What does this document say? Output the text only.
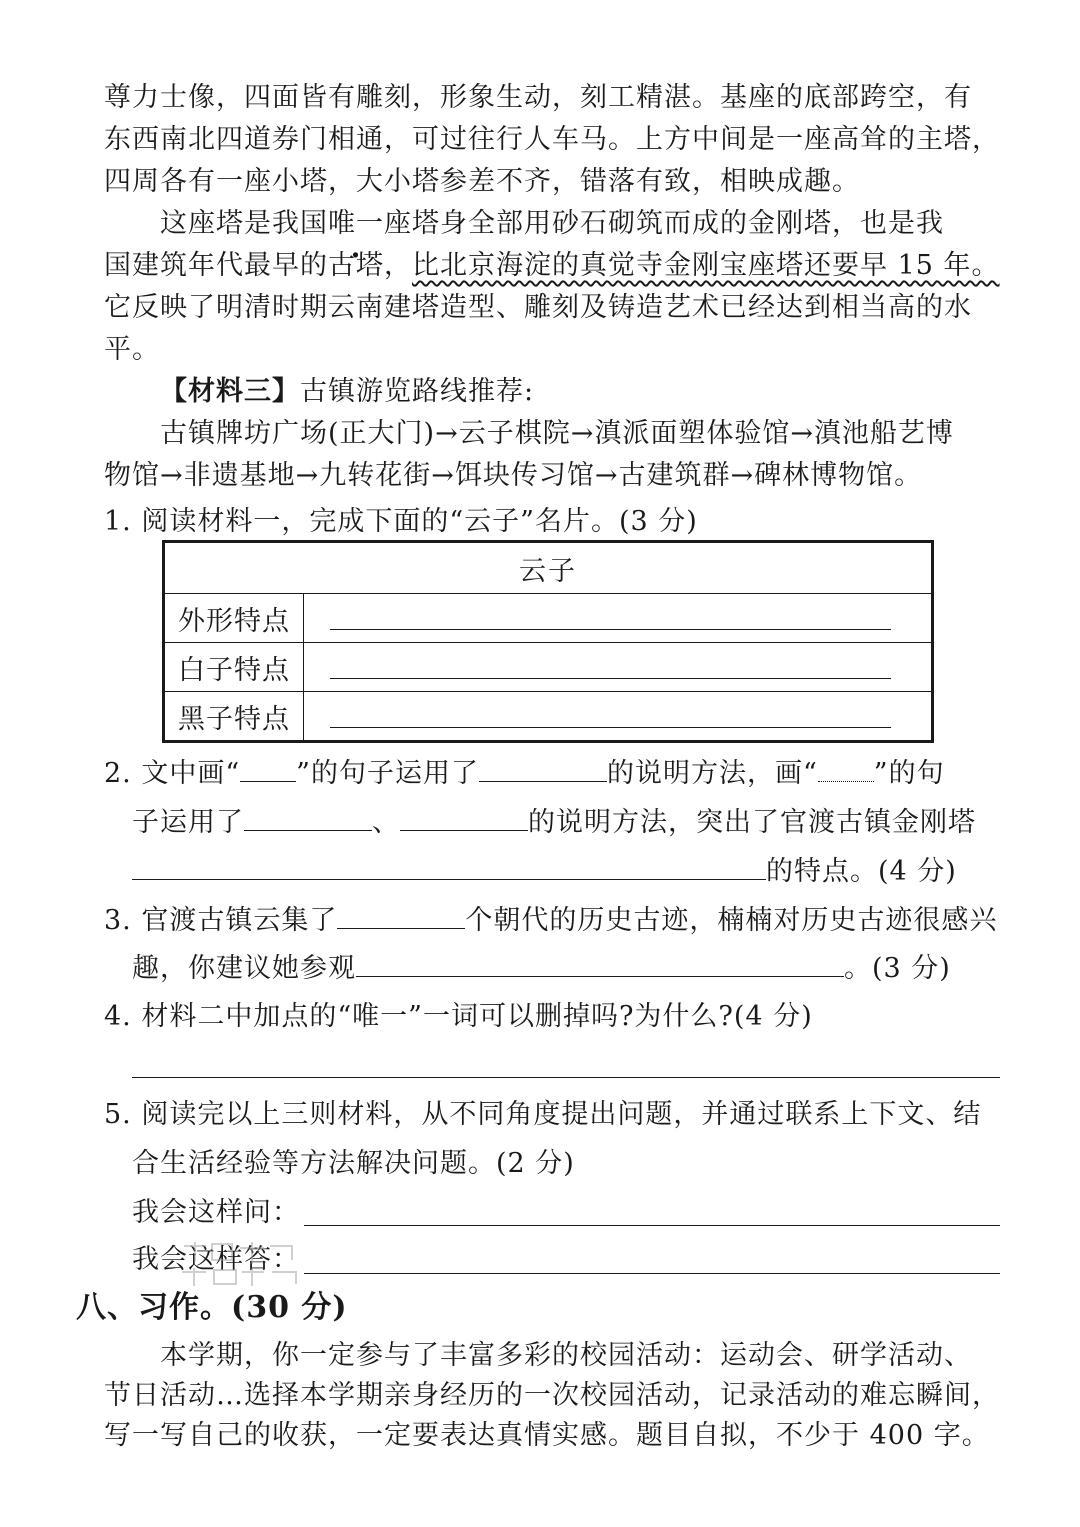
尊力士像，四面皆有雕刻，形象生动，刻工精湛。基座的底部跨空，有
东西南北四道券门相通，可过往行人车马。上方中间是一座高耸的主塔，
四周各有一座小塔，大小塔参差不齐，错落有致，相映成趣。
这座塔是我国唯一座塔身全部用砂石砌筑而成的金刚塔，也是我
国建筑年代最早的古塔，比北京海淀的真觉寺金刚宝座塔还要早 15 年。
它反映了明清时期云南建塔造型、雕刻及铸造艺术已经达到相当高的水
平。
【材料三】古镇游览路线推荐:
古镇牌坊广场(正大门)→云子棋院→滇派面塑体验馆→滇池船艺博
物馆→非遗基地→九转花街→饵块传习馆→古建筑群→碑林博物馆。
1. 阅读材料一，完成下面的“云子”名片。(3 分)
云子	
外形特点	

白子特点	

黑子特点	
2. 文中画“ ”的句子运用了	的说明方法，画“ ”的句
子运用了	、	的说明方法，突出了官渡古镇金刚塔
的特点。(4 分)
3. 官渡古镇云集了	个朝代的历史古迹，楠楠对历史古迹很感兴
趣，你建议她参观	。(3 分)
4. 材料二中加点的“唯一”一词可以删掉吗?为什么?(4 分)
5. 阅读完以上三则材料，从不同角度提出问题，并通过联系上下文、结
合生活经验等方法解决问题。(2 分)
我会这样问：
我会这样答：
八、习作。(30 分)
本学期，你一定参与了丰富多彩的校园活动：运动会、研学活动、
节日活动…选择本学期亲身经历的一次校园活动，记录活动的难忘瞬间，
写一写自己的收获，一定要表达真情实感。题目自拟，不少于 400 字。
